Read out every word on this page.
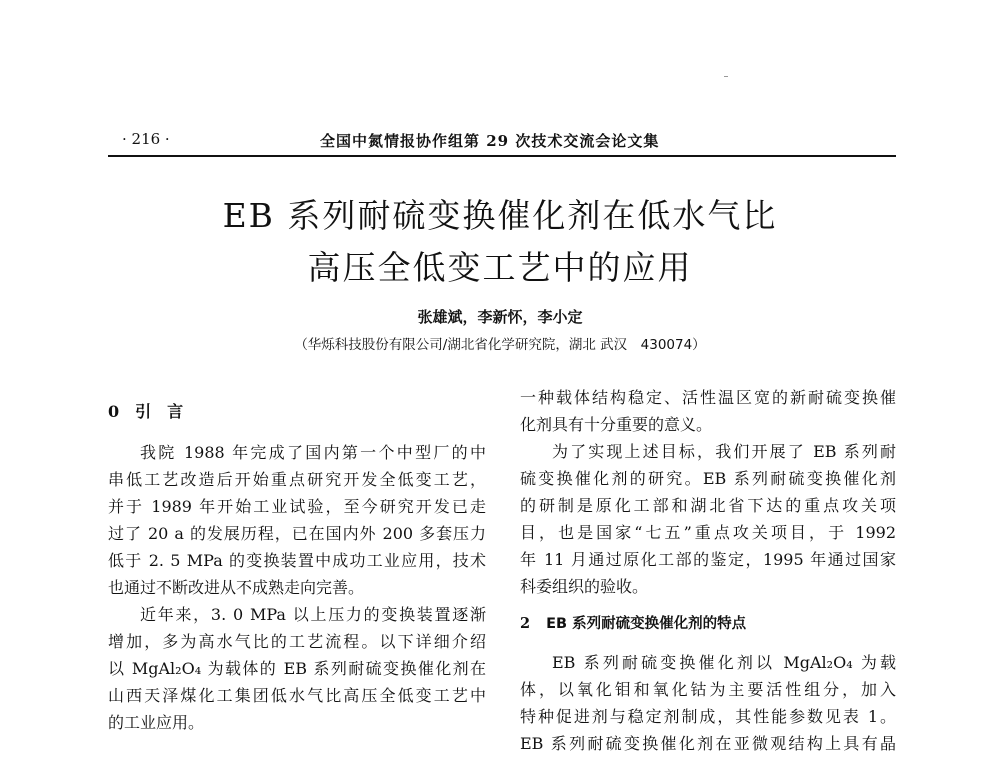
· 216 ·	全国中氮情报协作组第 29 次技术交流会论文集
EB 系列耐硫变换催化剂在低水气比
高压全低变工艺中的应用
张雄斌，李新怀，李小定
（华烁科技股份有限公司/湖北省化学研究院，湖北 武汉　430074）
0 引　言
我院 1988 年完成了国内第一个中型厂的中
串低工艺改造后开始重点研究开发全低变工艺，
并于 1989 年开始工业试验，至今研究开发已走
过了 20 a 的发展历程，已在国内外 200 多套压力
低于 2. 5 MPa 的变换装置中成功工业应用，技术
也通过不断改进从不成熟走向完善。
近年来，3. 0 MPa 以上压力的变换装置逐渐
增加，多为高水气比的工艺流程。以下详细介绍
以 MgAl₂O₄ 为载体的 EB 系列耐硫变换催化剂在
山西天泽煤化工集团低水气比高压全低变工艺中
的工业应用。
一种载体结构稳定、活性温区宽的新耐硫变换催
化剂具有十分重要的意义。
为了实现上述目标，我们开展了 EB 系列耐
硫变换催化剂的研究。EB 系列耐硫变换催化剂
的研制是原化工部和湖北省下达的重点攻关项
目，也是国家“七五”重点攻关项目，于 1992
年 11 月通过原化工部的鉴定，1995 年通过国家
科委组织的验收。
2 EB 系列耐硫变换催化剂的特点
EB 系列耐硫变换催化剂以 MgAl₂O₄ 为载
体，以氧化钼和氧化钴为主要活性组分，加入
特种促进剂与稳定剂制成，其性能参数见表 1。
EB 系列耐硫变换催化剂在亚微观结构上具有晶
